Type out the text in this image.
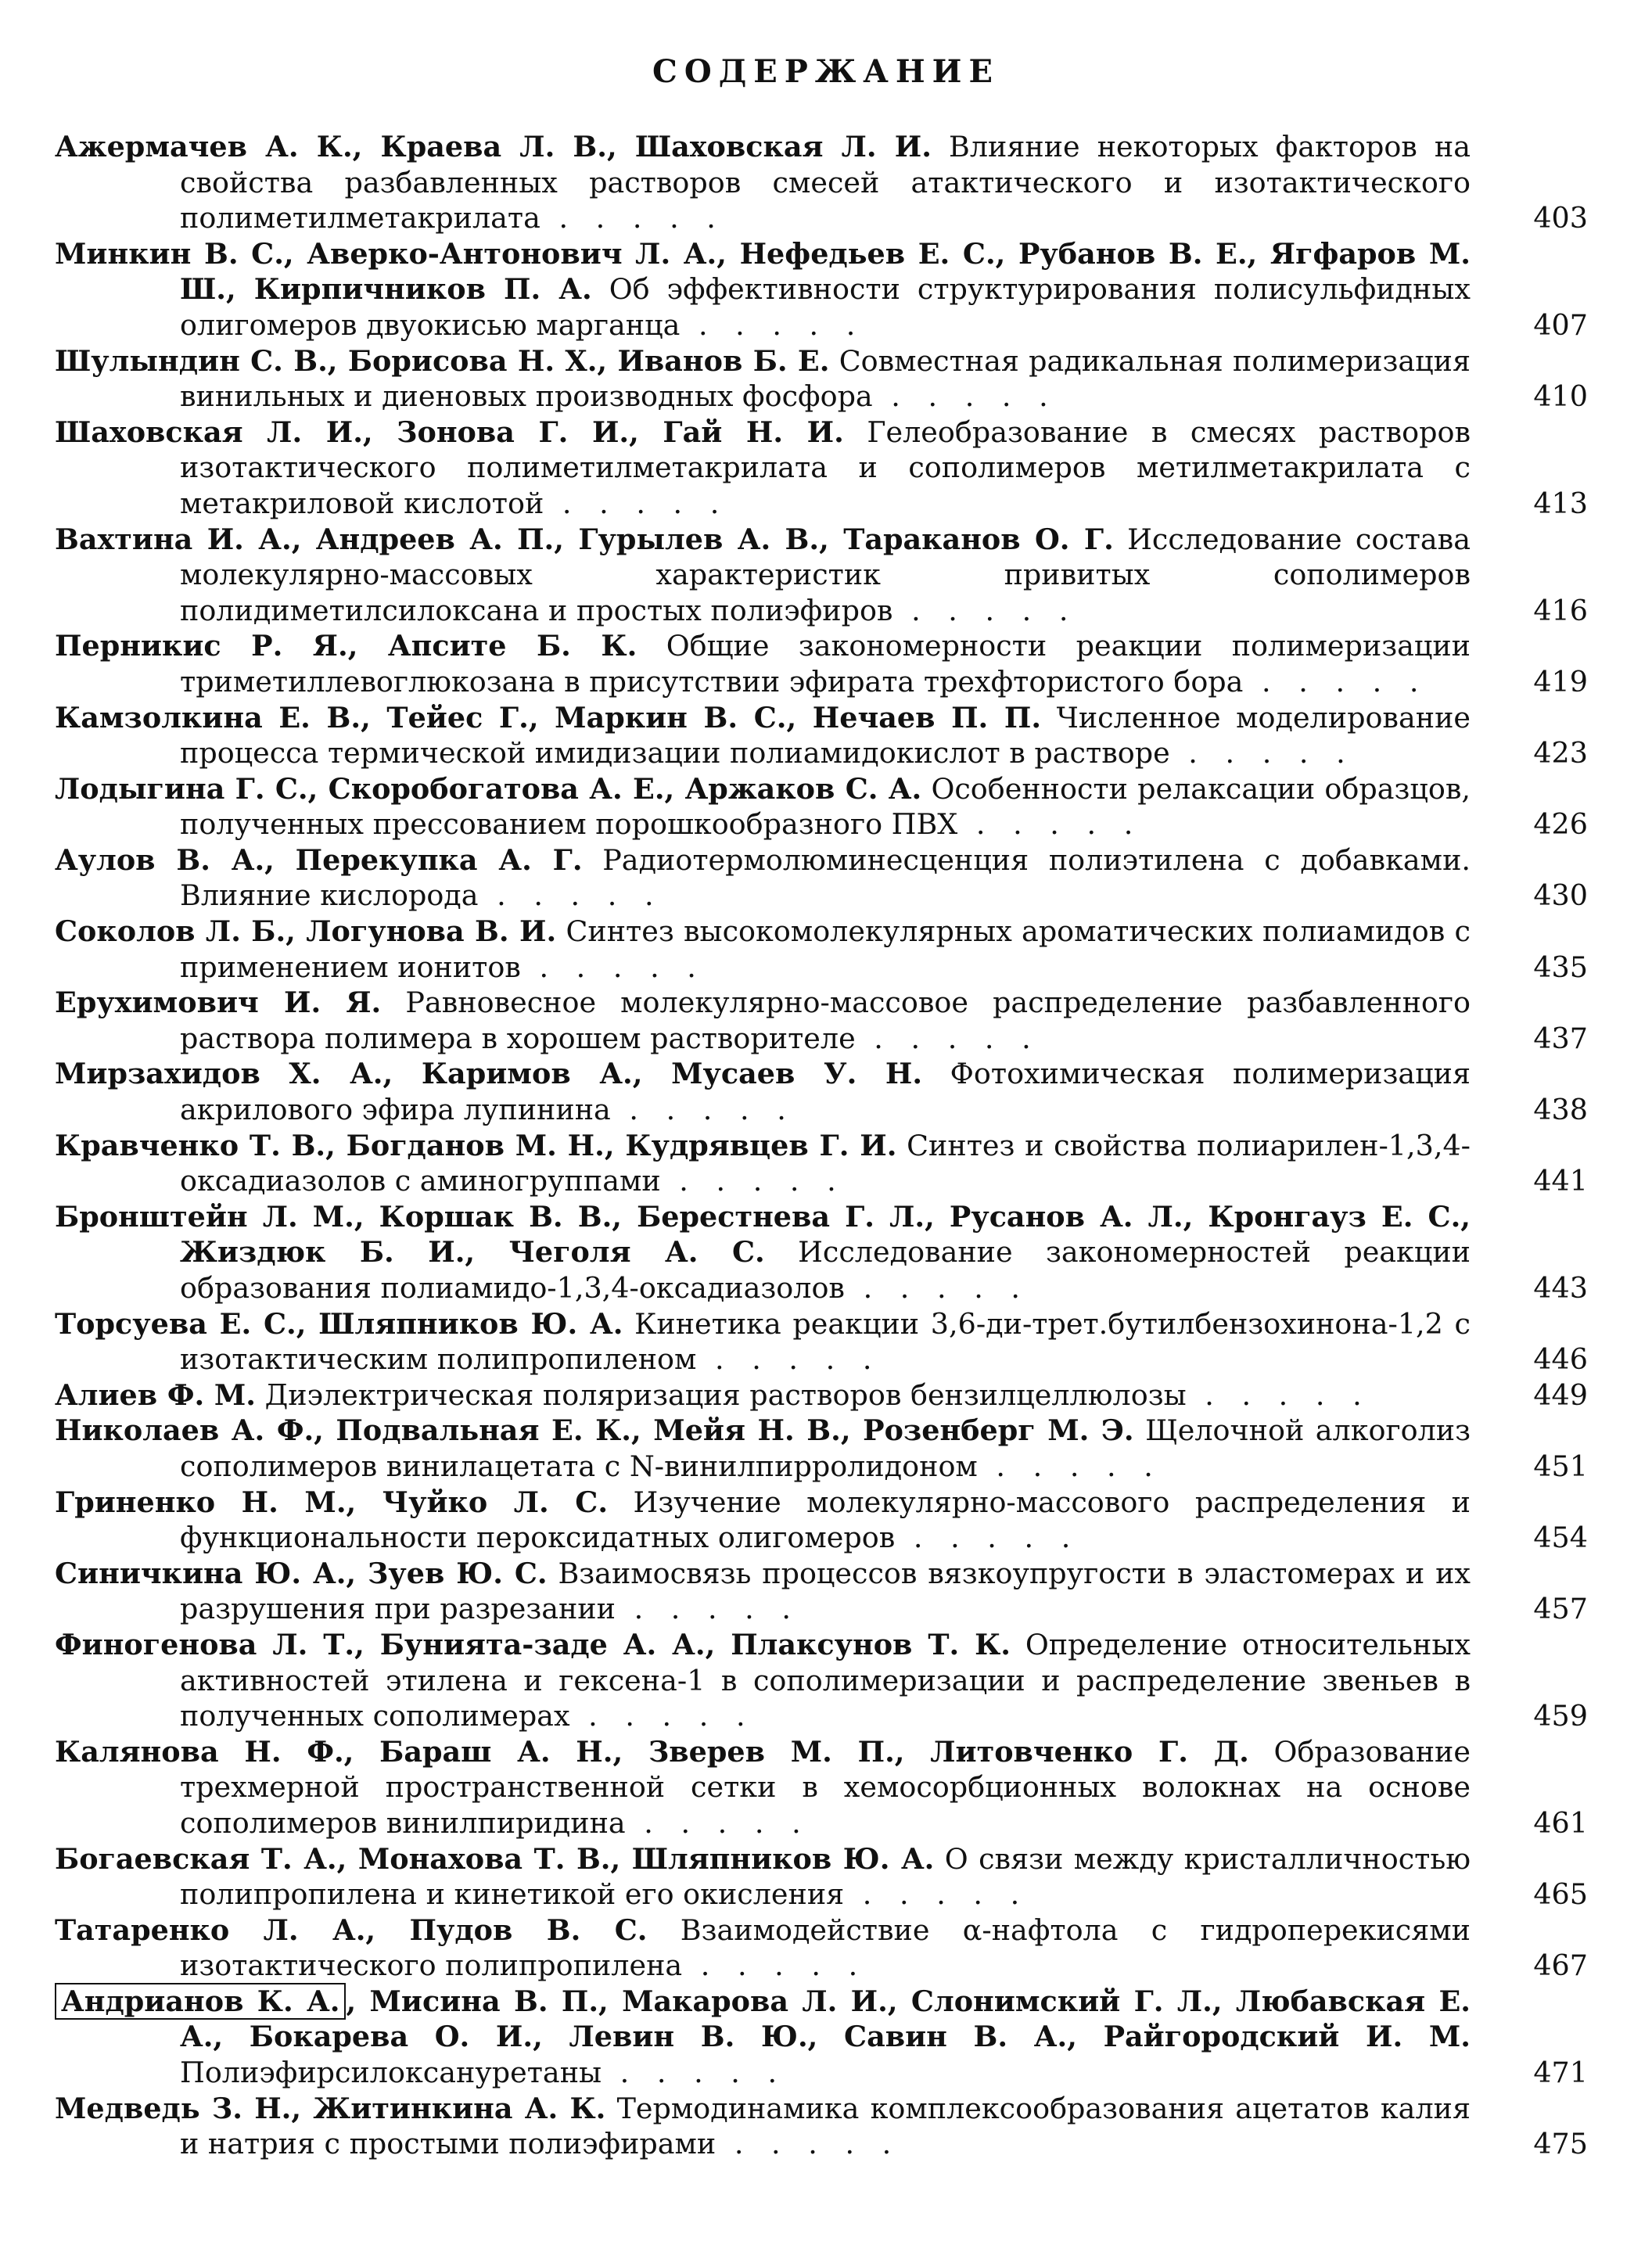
СОДЕРЖАНИЕ
Ажермачев А. К., Краева Л. В., Шаховская Л. И. Влияние некоторых факторов на свойства разбавленных растворов смесей атактического и изотактического полиметилметакрилата . . . . .	403
Минкин В. С., Аверко-Антонович Л. А., Нефедьев Е. С., Рубанов В. Е., Ягфаров М. Ш., Кирпичников П. А. Об эффективности структурирования полисульфидных олигомеров двуокисью марганца . . . . .	407
Шулындин С. В., Борисова Н. Х., Иванов Б. Е. Совместная радикальная полимеризация винильных и диеновых производных фосфора . . . . .	410
Шаховская Л. И., Зонова Г. И., Гай Н. И. Гелеобразование в смесях растворов изотактического полиметилметакрилата и сополимеров метилметакрилата с метакриловой кислотой . . . . .	413
Вахтина И. А., Андреев А. П., Гурылев А. В., Тараканов О. Г. Исследование состава молекулярно-массовых характеристик привитых сополимеров полидиметилсилоксана и простых полиэфиров . . . . .	416
Перникис Р. Я., Апсите Б. К. Общие закономерности реакции полимеризации триметиллевоглюкозана в присутствии эфирата трехфтористого бора . . . . .	419
Камзолкина Е. В., Тейес Г., Маркин В. С., Нечаев П. П. Численное моделирование процесса термической имидизации полиамидокислот в растворе . . . . .	423
Лодыгина Г. С., Скоробогатова А. Е., Аржаков С. А. Особенности релаксации образцов, полученных прессованием порошкообразного ПВХ . . . . .	426
Аулов В. А., Перекупка А. Г. Радиотермолюминесценция полиэтилена с добавками. Влияние кислорода . . . . .	430
Соколов Л. Б., Логунова В. И. Синтез высокомолекулярных ароматических полиамидов с применением ионитов . . . . .	435
Ерухимович И. Я. Равновесное молекулярно-массовое распределение разбавленного раствора полимера в хорошем растворителе . . . . .	437
Мирзахидов Х. А., Каримов А., Мусаев У. Н. Фотохимическая полимеризация акрилового эфира лупинина . . . . .	438
Кравченко Т. В., Богданов М. Н., Кудрявцев Г. И. Синтез и свойства полиарилен-1,3,4-оксадиазолов с аминогруппами . . . . .	441
Бронштейн Л. М., Коршак В. В., Берестнева Г. Л., Русанов А. Л., Кронгауз Е. С., Жиздюк Б. И., Чеголя А. С. Исследование закономерностей реакции образования полиамидо-1,3,4-оксадиазолов . . . . .	443
Торсуева Е. С., Шляпников Ю. А. Кинетика реакции 3,6-ди-трет.бутилбензохинона-1,2 с изотактическим полипропиленом . . . . .	446
Алиев Ф. М. Диэлектрическая поляризация растворов бензилцеллюлозы . . . . .	449
Николаев А. Ф., Подвальная Е. К., Мейя Н. В., Розенберг М. Э. Щелочной алкоголиз сополимеров винилацетата с N-винилпирролидоном . . . . .	451
Гриненко Н. М., Чуйко Л. С. Изучение молекулярно-массового распределения и функциональности пероксидатных олигомеров . . . . .	454
Синичкина Ю. А., Зуев Ю. С. Взаимосвязь процессов вязкоупругости в эластомерах и их разрушения при разрезании . . . . .	457
Финогенова Л. Т., Бунията-заде А. А., Плаксунов Т. К. Определение относительных активностей этилена и гексена-1 в сополимеризации и распределение звеньев в полученных сополимерах . . . . .	459
Калянова Н. Ф., Бараш А. Н., Зверев М. П., Литовченко Г. Д. Образование трехмерной пространственной сетки в хемосорбционных волокнах на основе сополимеров винилпиридина . . . . .	461
Богаевская Т. А., Монахова Т. В., Шляпников Ю. А. О связи между кристалличностью полипропилена и кинетикой его окисления . . . . .	465
Татаренко Л. А., Пудов В. С. Взаимодействие α-нафтола с гидроперекисями изотактического полипропилена . . . . .	467
Андрианов К. А. , Мисина В. П., Макарова Л. И., Слонимский Г. Л., Любавская Е. А., Бокарева О. И., Левин В. Ю., Савин В. А., Райгородский И. М. Полиэфирсилоксануретаны . . . . .	471
Медведь З. Н., Житинкина А. К. Термодинамика комплексообразования ацетатов калия и натрия с простыми полиэфирами . . . . .	475
